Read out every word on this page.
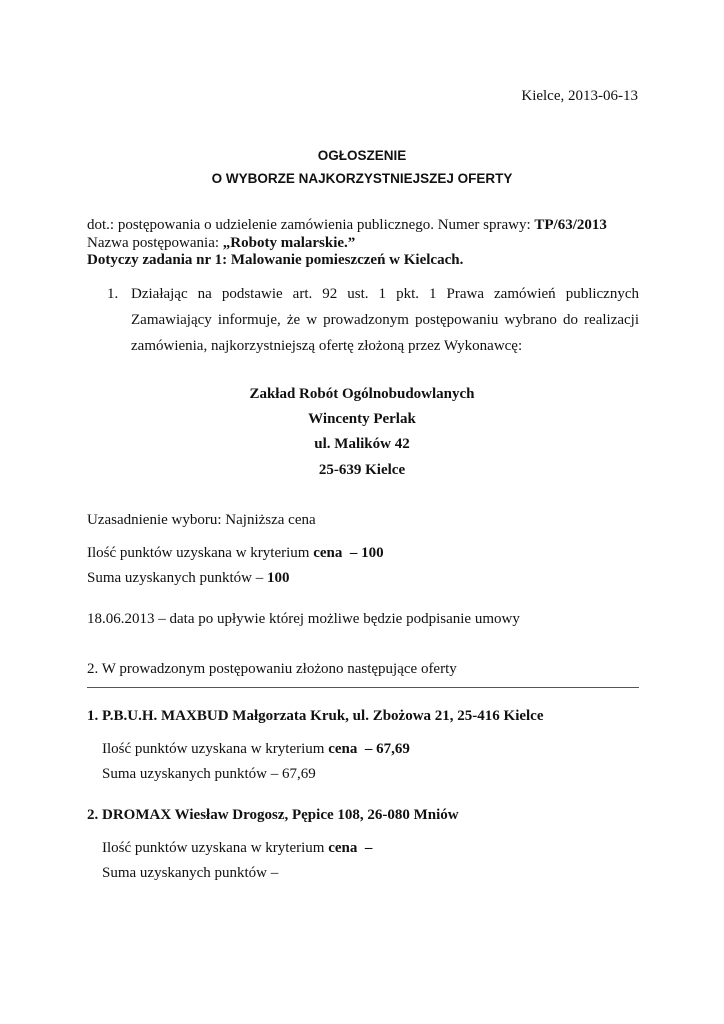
Kielce, 2013-06-13
OGŁOSZENIE
O WYBORZE NAJKORZYSTNIEJSZEJ OFERTY
dot.: postępowania o udzielenie zamówienia publicznego. Numer sprawy: TP/63/2013
Nazwa postępowania: „Roboty malarskie.”
Dotyczy zadania nr 1: Malowanie pomieszczeń w Kielcach.
1. Działając na podstawie art. 92 ust. 1 pkt. 1 Prawa zamówień publicznych
Zamawiający informuje, że w prowadzonym postępowaniu wybrano do realizacji
zamówienia, najkorzystniejszą ofertę złożoną przez Wykonawcę:
Zakład Robót Ogólnobudowlanych
Wincenty Perlak
ul. Malików 42
25-639 Kielce
Uzasadnienie wyboru: Najniższa cena
Ilość punktów uzyskana w kryterium cena  – 100
Suma uzyskanych punktów – 100
18.06.2013 – data po upływie której możliwe będzie podpisanie umowy
2. W prowadzonym postępowaniu złożono następujące oferty
1. P.B.U.H. MAXBUD Małgorzata Kruk, ul. Zbożowa 21, 25-416 Kielce
Ilość punktów uzyskana w kryterium cena  – 67,69
Suma uzyskanych punktów – 67,69
2. DROMAX Wiesław Drogosz, Pępice 108, 26-080 Mniów
Ilość punktów uzyskana w kryterium cena  –
Suma uzyskanych punktów –
